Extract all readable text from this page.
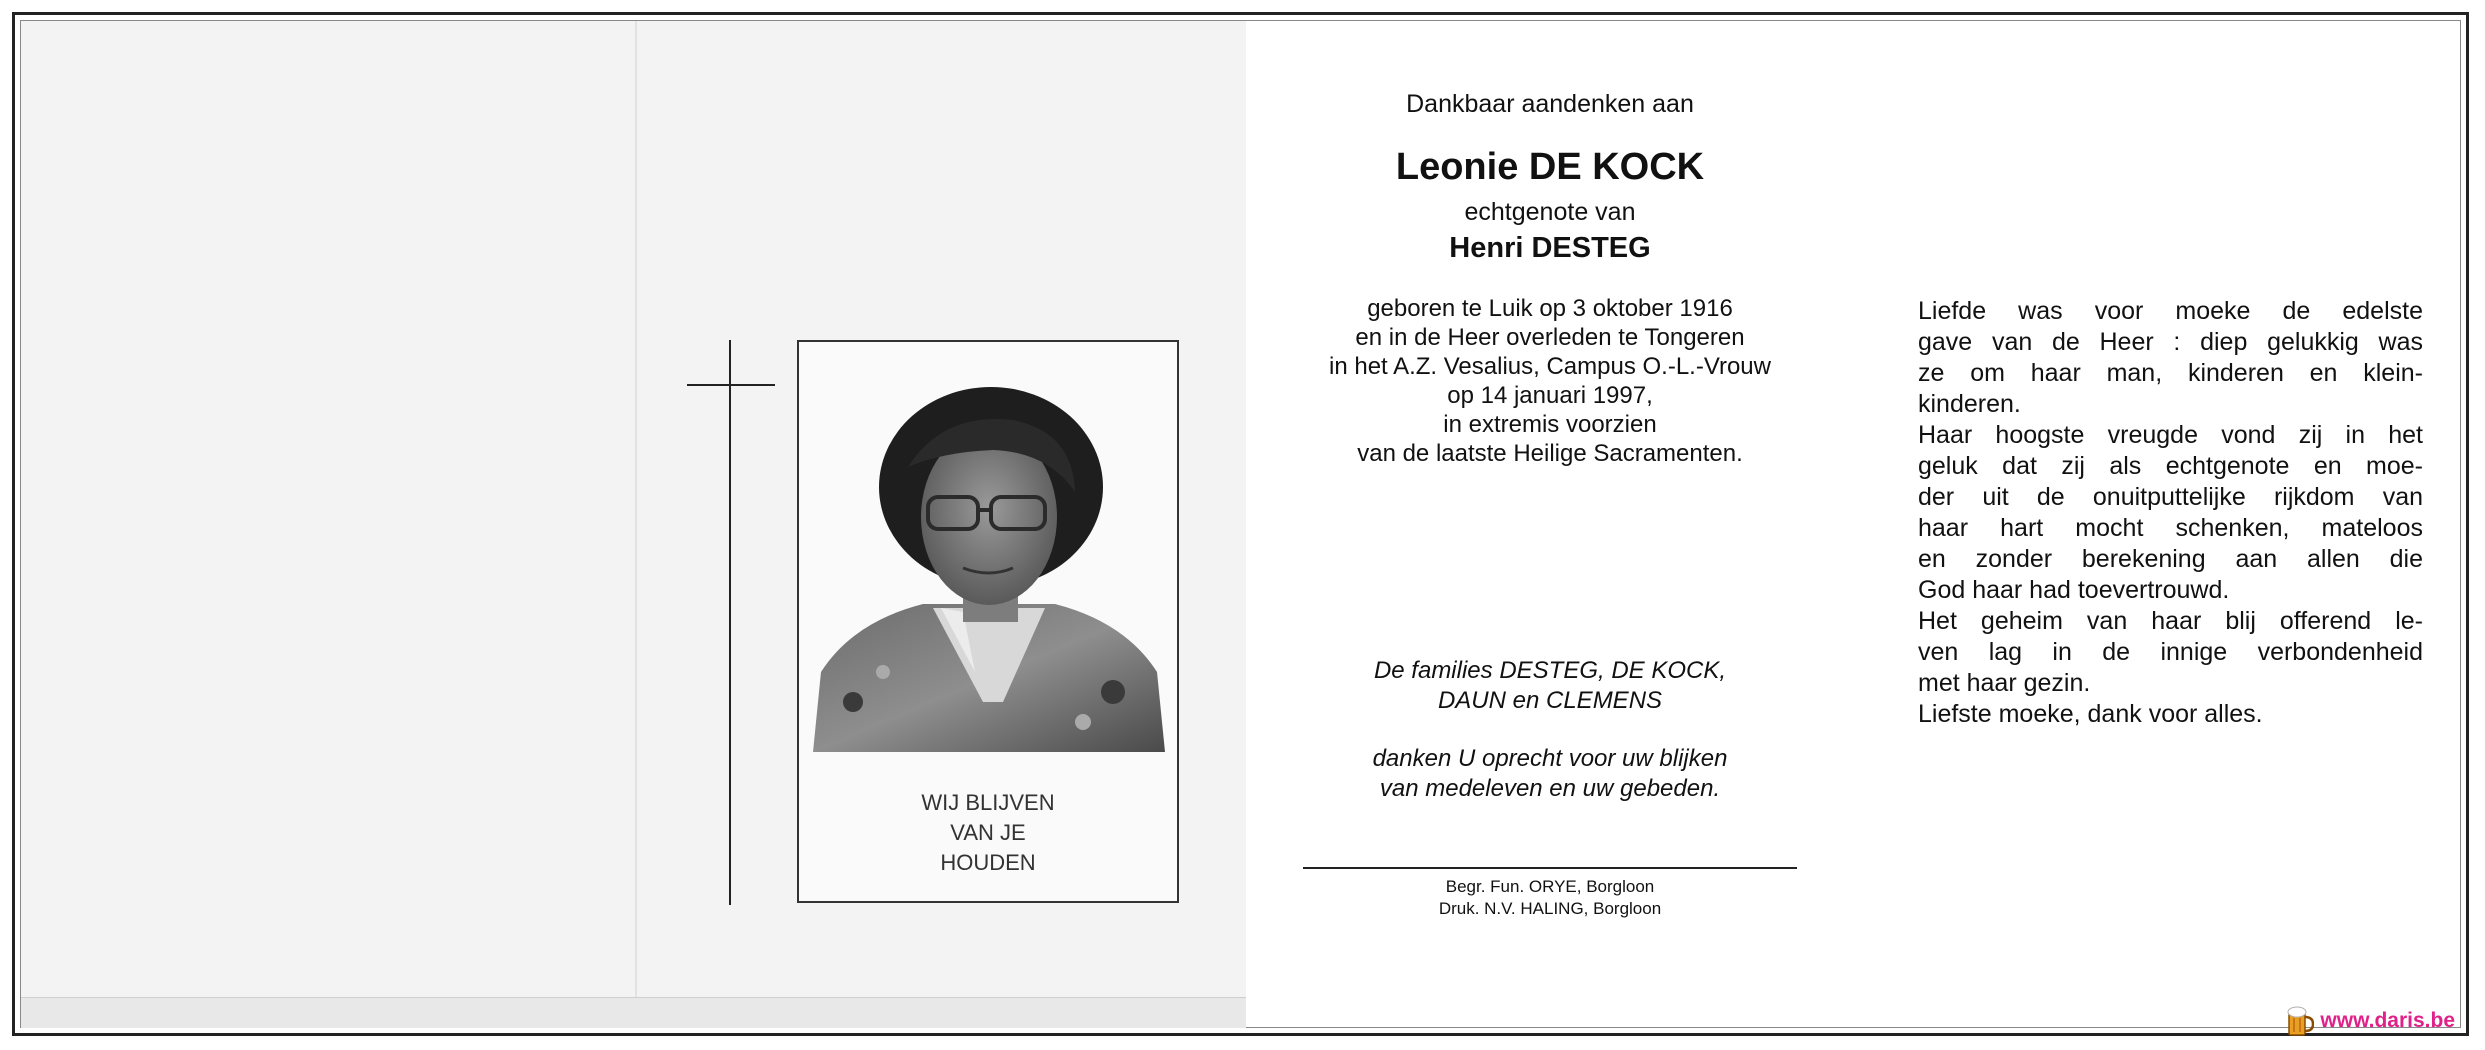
WIJ BLIJVEN
VAN JE
HOUDEN
Dankbaar aandenken aan
Leonie DE KOCK
echtgenote van
Henri DESTEG
geboren te Luik op 3 oktober 1916
en in de Heer overleden te Tongeren
in het A.Z. Vesalius, Campus O.-L.-Vrouw
op 14 januari 1997,
in extremis voorzien
van de laatste Heilige Sacramenten.
De families DESTEG, DE KOCK,
DAUN en CLEMENS
danken U oprecht voor uw blijken
van medeleven en uw gebeden.
Begr. Fun. ORYE, Borgloon
Druk. N.V. HALING, Borgloon
Liefde was voor moeke de edelste
gave van de Heer : diep gelukkig was
ze om haar man, kinderen en klein-
kinderen.
Haar hoogste vreugde vond zij in het
geluk dat zij als echtgenote en moe-
der uit de onuitputtelijke rijkdom van
haar hart mocht schenken, mateloos
en zonder berekening aan allen die
God haar had toevertrouwd.
Het geheim van haar blij offerend le-
ven lag in de innige verbondenheid
met haar gezin.
Liefste moeke, dank voor alles.
www.daris.be
